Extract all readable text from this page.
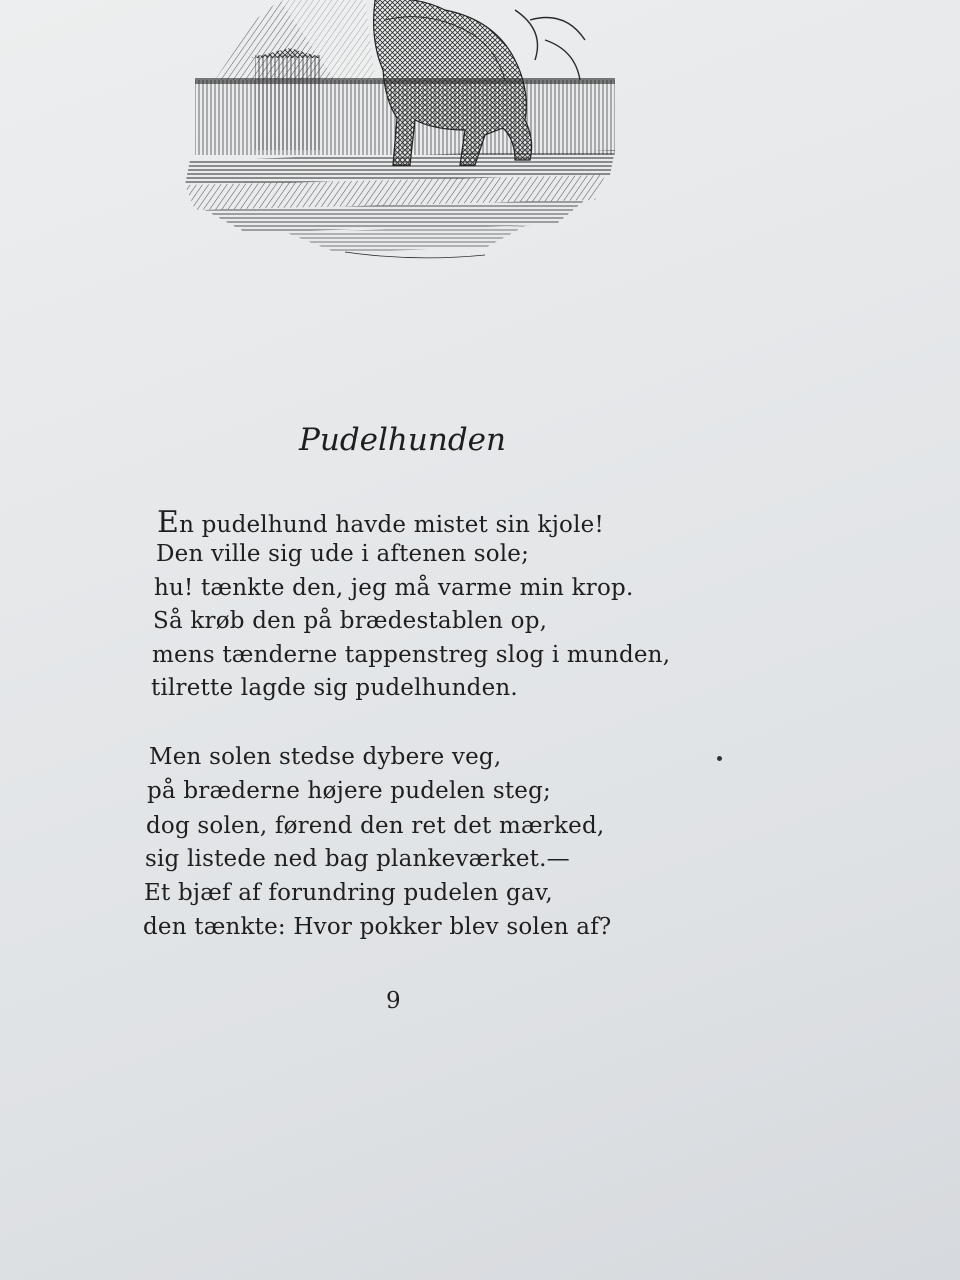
Pudelhunden
En pudelhund havde mistet sin kjole!
Den ville sig ude i aftenen sole;
hu! tænkte den, jeg må varme min krop.
Så krøb den på brædestablen op,
mens tænderne tappenstreg slog i munden,
tilrette lagde sig pudelhunden.
Men solen stedse dybere veg,
på bræderne højere pudelen steg;
dog solen, førend den ret det mærked,
sig listede ned bag plankeværket.—
Et bjæf af forundring pudelen gav,
den tænkte: Hvor pokker blev solen af?
9
